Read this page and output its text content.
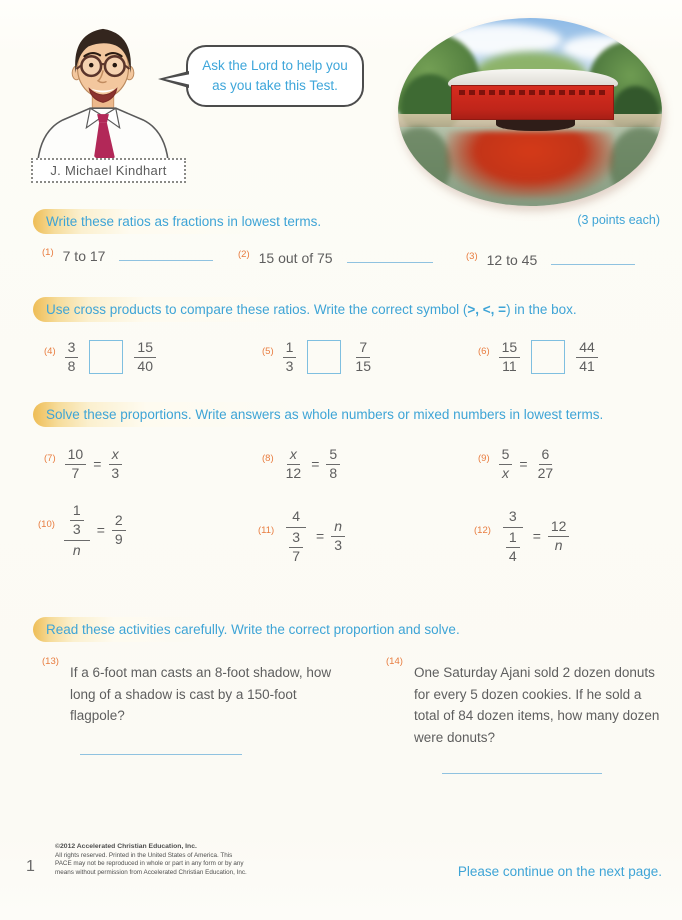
J. Michael Kindhart
Ask the Lord to help you
as you take this Test.
Write these ratios as fractions in lowest terms.	(3 points each)
(1) 7 to 17	(2) 15 out of 75	(3) 12 to 45
Use cross products to compare these ratios. Write the correct symbol (>, <, =) in the box.
$(4) \frac{3}{8}$	$\frac{15}{40}$	$(5) \frac{1}{3}$	$\frac{7}{15}$	$(6) \frac{15}{11}$	$\frac{44}{41}$
Solve these proportions. Write answers as whole numbers or mixed numbers in lowest terms.
$(7) \frac{10}{7} = \frac{x}{3}$	$(8) \frac{x}{12} = \frac{5}{8}$	$(9) \frac{5}{x} = \frac{6}{27}$
$(10) \frac{\frac{1}{3}}{n} = \frac{2}{9}$	$(11) \frac{4}{\frac{3}{7}} = \frac{n}{3}$	$(12) \frac{3}{\frac{1}{4}} = \frac{12}{n}$
Read these activities carefully. Write the correct proportion and solve.
(13)
If a 6-foot man casts an 8-foot shadow, how long of a shadow is cast by a 150-foot flagpole?
(14)
One Saturday Ajani sold 2 dozen donuts for every 5 dozen cookies. If he sold a total of 84 dozen items, how many dozen were donuts?
1
©2012 Accelerated Christian Education, Inc.
All rights reserved. Printed in the United States of America. This PACE may not be reproduced in whole or part in any form or by any means without permission from Accelerated Christian Education, Inc.	Please continue on the next page.
